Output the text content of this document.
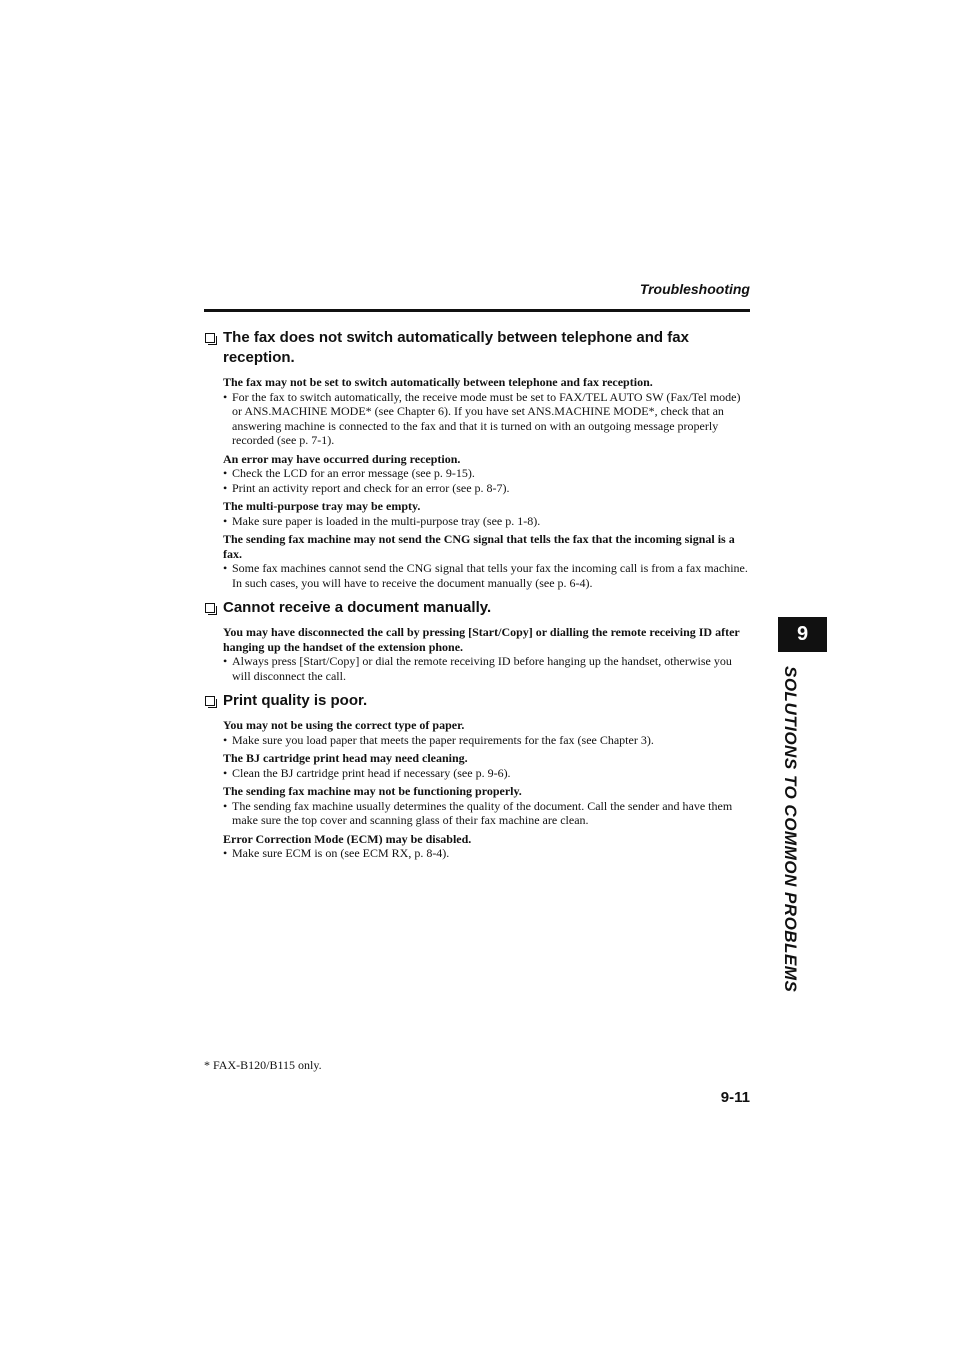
Troubleshooting
The fax does not switch automatically between telephone and fax reception.
The fax may not be set to switch automatically between telephone and fax reception.
• For the fax to switch automatically, the receive mode must be set to FAX/TEL AUTO SW (Fax/Tel mode) or ANS.MACHINE MODE* (see Chapter 6). If you have set ANS.MACHINE MODE*, check that an answering machine is connected to the fax and that it is turned on with an outgoing message properly recorded (see p. 7-1).
An error may have occurred during reception.
• Check the LCD for an error message (see p. 9-15).
• Print an activity report and check for an error (see p. 8-7).
The multi-purpose tray may be empty.
• Make sure paper is loaded in the multi-purpose tray (see p. 1-8).
The sending fax machine may not send the CNG signal that tells the fax that the incoming signal is a fax.
• Some fax machines cannot send the CNG signal that tells your fax the incoming call is from a fax machine. In such cases, you will have to receive the document manually (see p. 6-4).
Cannot receive a document manually.
You may have disconnected the call by pressing [Start/Copy] or dialling the remote receiving ID after hanging up the handset of the extension phone.
• Always press [Start/Copy] or dial the remote receiving ID before hanging up the handset, otherwise you will disconnect the call.
Print quality is poor.
You may not be using the correct type of paper.
• Make sure you load paper that meets the paper requirements for the fax (see Chapter 3).
The BJ cartridge print head may need cleaning.
• Clean the BJ cartridge print head if necessary (see p. 9-6).
The sending fax machine may not be functioning properly.
• The sending fax machine usually determines the quality of the document. Call the sender and have them make sure the top cover and scanning glass of their fax machine are clean.
Error Correction Mode (ECM) may be disabled.
• Make sure ECM is on (see ECM RX, p. 8-4).
9
SOLUTIONS TO COMMON PROBLEMS
* FAX-B120/B115 only.
9-11
